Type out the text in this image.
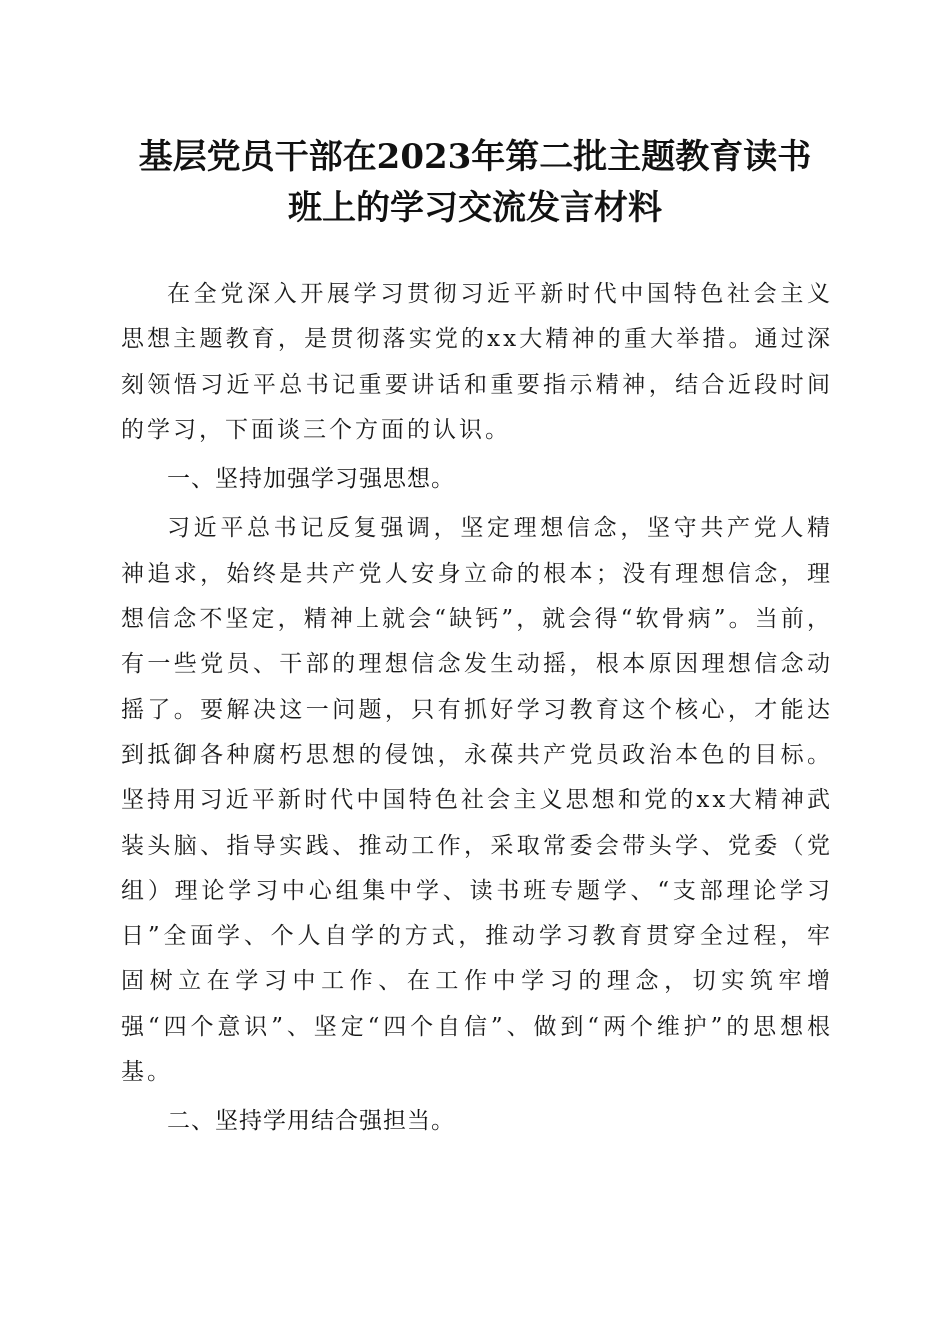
基层党员干部在2023年第二批主题教育读书
班上的学习交流发言材料

在全党深入开展学习贯彻习近平新时代中国特色社会主义思想主题教育，是贯彻落实党的xx大精神的重大举措。通过深刻领悟习近平总书记重要讲话和重要指示精神，结合近段时间的学习，下面谈三个方面的认识。

一、坚持加强学习强思想。

习近平总书记反复强调，坚定理想信念，坚守共产党人精神追求，始终是共产党人安身立命的根本；没有理想信念，理想信念不坚定，精神上就会“缺钙”，就会得“软骨病”。当前，有一些党员、干部的理想信念发生动摇，根本原因理想信念动摇了。要解决这一问题，只有抓好学习教育这个核心，才能达到抵御各种腐朽思想的侵蚀，永葆共产党员政治本色的目标。坚持用习近平新时代中国特色社会主义思想和党的xx大精神武装头脑、指导实践、推动工作，采取常委会带头学、党委（党组）理论学习中心组集中学、读书班专题学、“支部理论学习日”全面学、个人自学的方式，推动学习教育贯穿全过程，牢固树立在学习中工作、在工作中学习的理念，切实筑牢增强“四个意识”、坚定“四个自信”、做到“两个维护”的思想根基。

二、坚持学用结合强担当。
